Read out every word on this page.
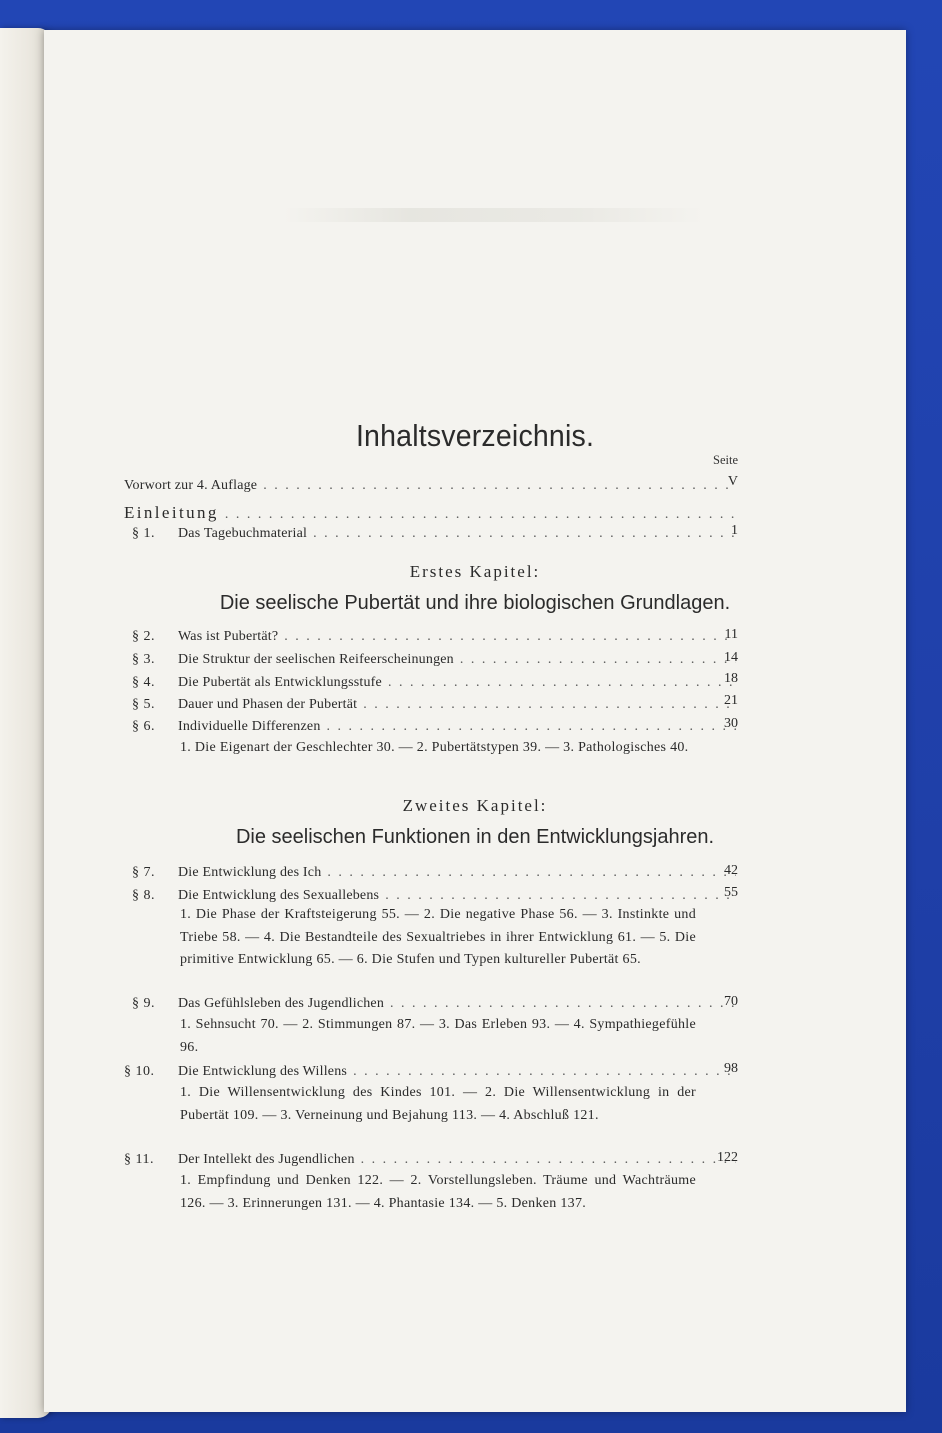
Inhaltsverzeichnis.
Seite
Vorwort zur 4. Auflage . . .	V
Einleitung
. . .
§ 1.	Das Tagebuchmaterial . . .	1
Erstes Kapitel:
Die seelische Pubertät und ihre biologischen Grundlagen.
§ 2.	Was ist Pubertät? . . .	11
§ 3.	Die Struktur der seelischen Reifeerscheinungen . . .	14
§ 4.	Die Pubertät als Entwicklungsstufe . . .	18
§ 5.	Dauer und Phasen der Pubertät . . .	21
§ 6.	Individuelle Differenzen . . .	30
1. Die Eigenart der Geschlechter 30. — 2. Pubertätstypen 39. — 3. Pathologisches 40.
Zweites Kapitel:
Die seelischen Funktionen in den Entwicklungsjahren.
§ 7.	Die Entwicklung des Ich . . .	42
§ 8.	Die Entwicklung des Sexuallebens . . .	55
1. Die Phase der Kraftsteigerung 55. — 2. Die negative Phase 56. — 3. Instinkte und Triebe 58. — 4. Die Bestandteile des Sexualtriebes in ihrer Entwicklung 61. — 5. Die primitive Entwicklung 65. — 6. Die Stufen und Typen kultureller Pubertät 65.
§ 9.	Das Gefühlsleben des Jugendlichen . . .	70
1. Sehnsucht 70. — 2. Stimmungen 87. — 3. Das Erleben 93. — 4. Sympathiegefühle 96.
§ 10.	Die Entwicklung des Willens . . .	98
1. Die Willensentwicklung des Kindes 101. — 2. Die Willensentwicklung in der Pubertät 109. — 3. Verneinung und Bejahung 113. — 4. Abschluß 121.
§ 11.	Der Intellekt des Jugendlichen . . .	122
1. Empfindung und Denken 122. — 2. Vorstellungsleben. Träume und Wachträume 126. — 3. Erinnerungen 131. — 4. Phantasie 134. — 5. Denken 137.
